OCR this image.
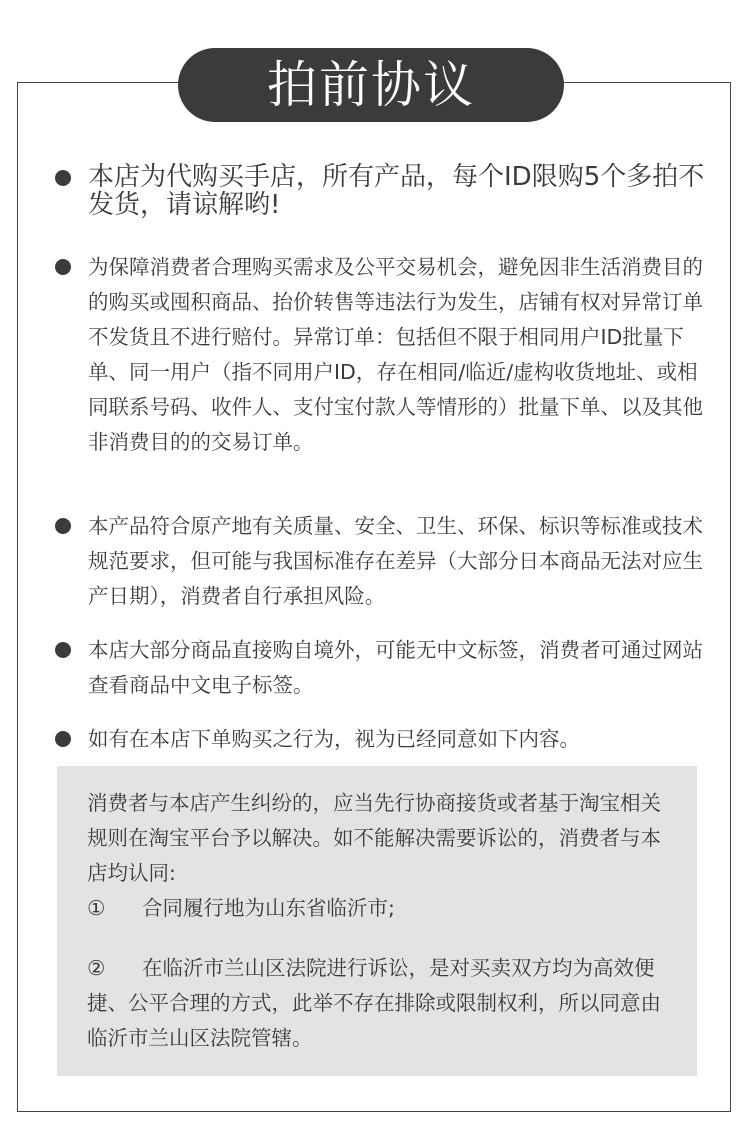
拍前协议
本店为代购买手店，所有产品，每个ID限购5个多拍不发货，请谅解哟!
为保障消费者合理购买需求及公平交易机会，避免因非生活消费目的的购买或囤积商品、抬价转售等违法行为发生，店铺有权对异常订单不发货且不进行赔付。异常订单：包括但不限于相同用户ID批量下单、同一用户（指不同用户ID，存在相同/临近/虚构收货地址、或相同联系号码、收件人、支付宝付款人等情形的）批量下单、以及其他非消费目的的交易订单。
本产品符合原产地有关质量、安全、卫生、环保、标识等标准或技术规范要求，但可能与我国标准存在差异（大部分日本商品无法对应生产日期），消费者自行承担风险。
本店大部分商品直接购自境外，可能无中文标签，消费者可通过网站查看商品中文电子标签。
如有在本店下单购买之行为，视为已经同意如下内容。
消费者与本店产生纠纷的，应当先行协商接货或者基于淘宝相关规则在淘宝平台予以解决。如不能解决需要诉讼的，消费者与本店均认同:
① 合同履行地为山东省临沂市;
② 在临沂市兰山区法院进行诉讼，是对买卖双方均为高效便捷、公平合理的方式，此举不存在排除或限制权利，所以同意由临沂市兰山区法院管辖。
